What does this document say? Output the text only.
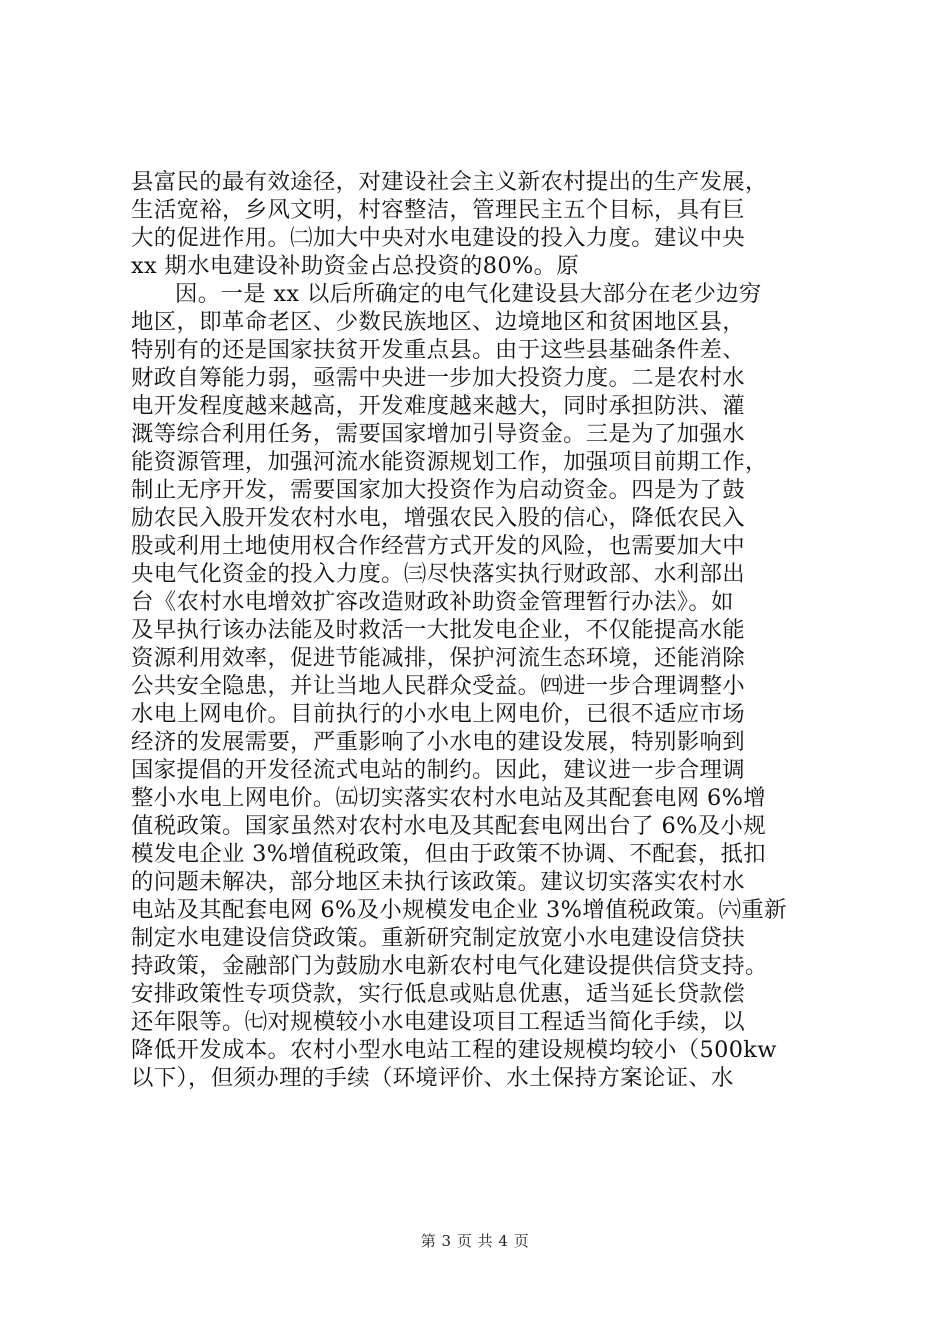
县富民的最有效途径，对建设社会主义新农村提出的生产发展，
生活宽裕，乡风文明，村容整洁，管理民主五个目标，具有巨
大的促进作用。㈡加大中央对水电建设的投入力度。建议中央
xx 期水电建设补助资金占总投资的80%。原
因。一是 xx 以后所确定的电气化建设县大部分在老少边穷
地区，即革命老区、少数民族地区、边境地区和贫困地区县，
特别有的还是国家扶贫开发重点县。由于这些县基础条件差、
财政自筹能力弱，亟需中央进一步加大投资力度。二是农村水
电开发程度越来越高，开发难度越来越大，同时承担防洪、灌
溉等综合利用任务，需要国家增加引导资金。三是为了加强水
能资源管理，加强河流水能资源规划工作，加强项目前期工作，
制止无序开发，需要国家加大投资作为启动资金。四是为了鼓
励农民入股开发农村水电，增强农民入股的信心，降低农民入
股或利用土地使用权合作经营方式开发的风险，也需要加大中
央电气化资金的投入力度。㈢尽快落实执行财政部、水利部出
台《农村水电增效扩容改造财政补助资金管理暂行办法》。如
及早执行该办法能及时救活一大批发电企业，不仅能提高水能
资源利用效率，促进节能减排，保护河流生态环境，还能消除
公共安全隐患，并让当地人民群众受益。㈣进一步合理调整小
水电上网电价。目前执行的小水电上网电价，已很不适应市场
经济的发展需要，严重影响了小水电的建设发展，特别影响到
国家提倡的开发径流式电站的制约。因此，建议进一步合理调
整小水电上网电价。㈤切实落实农村水电站及其配套电网 6%增
值税政策。国家虽然对农村水电及其配套电网出台了 6%及小规
模发电企业 3%增值税政策，但由于政策不协调、不配套，抵扣
的问题未解决，部分地区未执行该政策。建议切实落实农村水
电站及其配套电网 6%及小规模发电企业 3%增值税政策。㈥重新
制定水电建设信贷政策。重新研究制定放宽小水电建设信贷扶
持政策，金融部门为鼓励水电新农村电气化建设提供信贷支持。
安排政策性专项贷款，实行低息或贴息优惠，适当延长贷款偿
还年限等。㈦对规模较小水电建设项目工程适当简化手续，以
降低开发成本。农村小型水电站工程的建设规模均较小（500kw
以下），但须办理的手续（环境评价、水土保持方案论证、水
第 3 页 共 4 页
